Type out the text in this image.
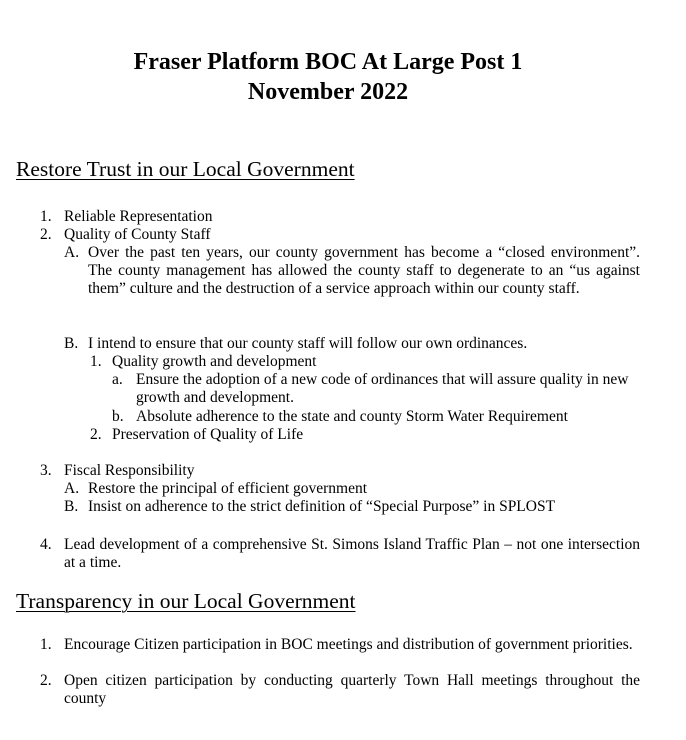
Fraser Platform BOC At Large Post 1
November 2022
Restore Trust in our Local Government
1. Reliable Representation
2. Quality of County Staff
A. Over the past ten years, our county government has become a “closed environment”. The county management has allowed the county staff to degenerate to an “us against them” culture and the destruction of a service approach within our county staff.
B. I intend to ensure that our county staff will follow our own ordinances.
1. Quality growth and development
a. Ensure the adoption of a new code of ordinances that will assure quality in new growth and development.
b. Absolute adherence to the state and county Storm Water Requirement
2. Preservation of Quality of Life
3. Fiscal Responsibility
A. Restore the principal of efficient government
B. Insist on adherence to the strict definition of “Special Purpose” in SPLOST
4. Lead development of a comprehensive St. Simons Island Traffic Plan – not one intersection at a time.
Transparency in our Local Government
1. Encourage Citizen participation in BOC meetings and distribution of government priorities.
2. Open citizen participation by conducting quarterly Town Hall meetings throughout the county
